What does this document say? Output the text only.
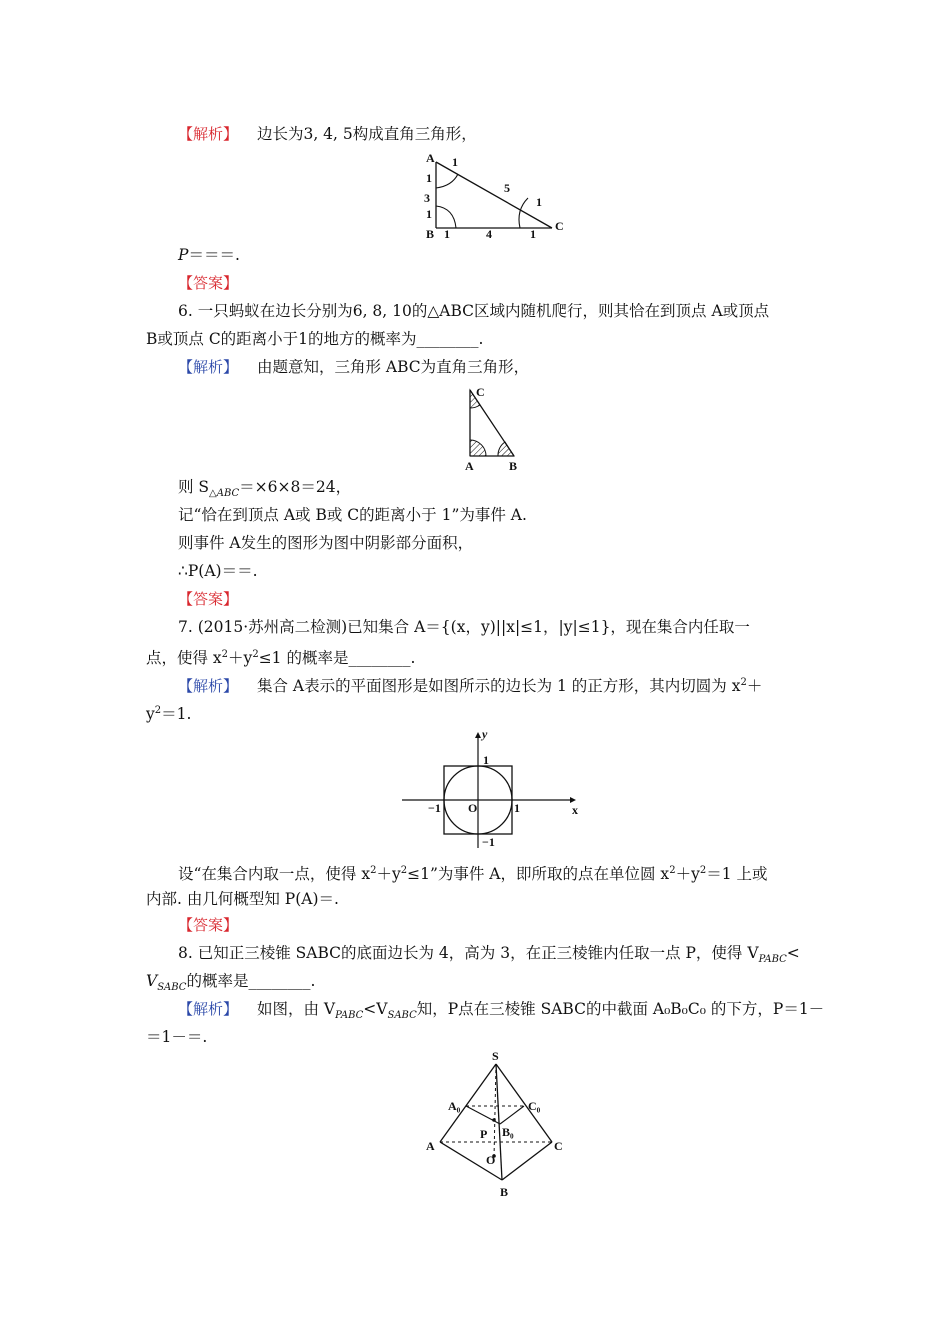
【解析】 边长为3, 4, 5构成直角三角形，
A
B
C
1
1
3
1
5
1
1	4	1
P＝＝＝.
【答案】
6. 一只蚂蚁在边长分别为6, 8, 10的△ABC区域内随机爬行，则其恰在到顶点 A或顶点
B或顶点 C的距离小于1的地方的概率为________.
【解析】 由题意知，三角形 ABC为直角三角形，
C
A	B
则 $S_{\triangle ABC}=\times 6\times 8=24$，
记“恰在到顶点 A或 B或 C的距离小于 1”为事件 A.
则事件 A发生的图形为图中阴影部分面积，
∴P(A)＝＝.
【答案】
7. (2015·苏州高二检测)已知集合 A＝{(x，y)||x|≤1，|y|≤1}，现在集合内任取一
点，使得 $x^2+y^2\le 1$ 的概率是________.
【解析】 集合 A表示的平面图形是如图所示的边长为 1 的正方形，其内切圆为 $x^2+$
$y^2=1$.
y
x
O
1
1
−1
−1
设“在集合内取一点，使得 $x^2+y^2\le 1$”为事件 A，即所取的点在单位圆 $x^2+y^2=1$ 上或
内部. 由几何概型知 P(A)＝.
【答案】
8. 已知正三棱锥 SABC的底面边长为 4，高为 3，在正三棱锥内任取一点 P，使得 $V_{PABC}<$
$V_{SABC}$的概率是________.
【解析】 如图，由 $V_{PABC}<V_{SABC}$知，P点在三棱锥 SABC的中截面 A₀B₀C₀ 的下方，P＝1－
＝1－＝.
S
A₀	C₀
B₀
P
A	C
O
B
